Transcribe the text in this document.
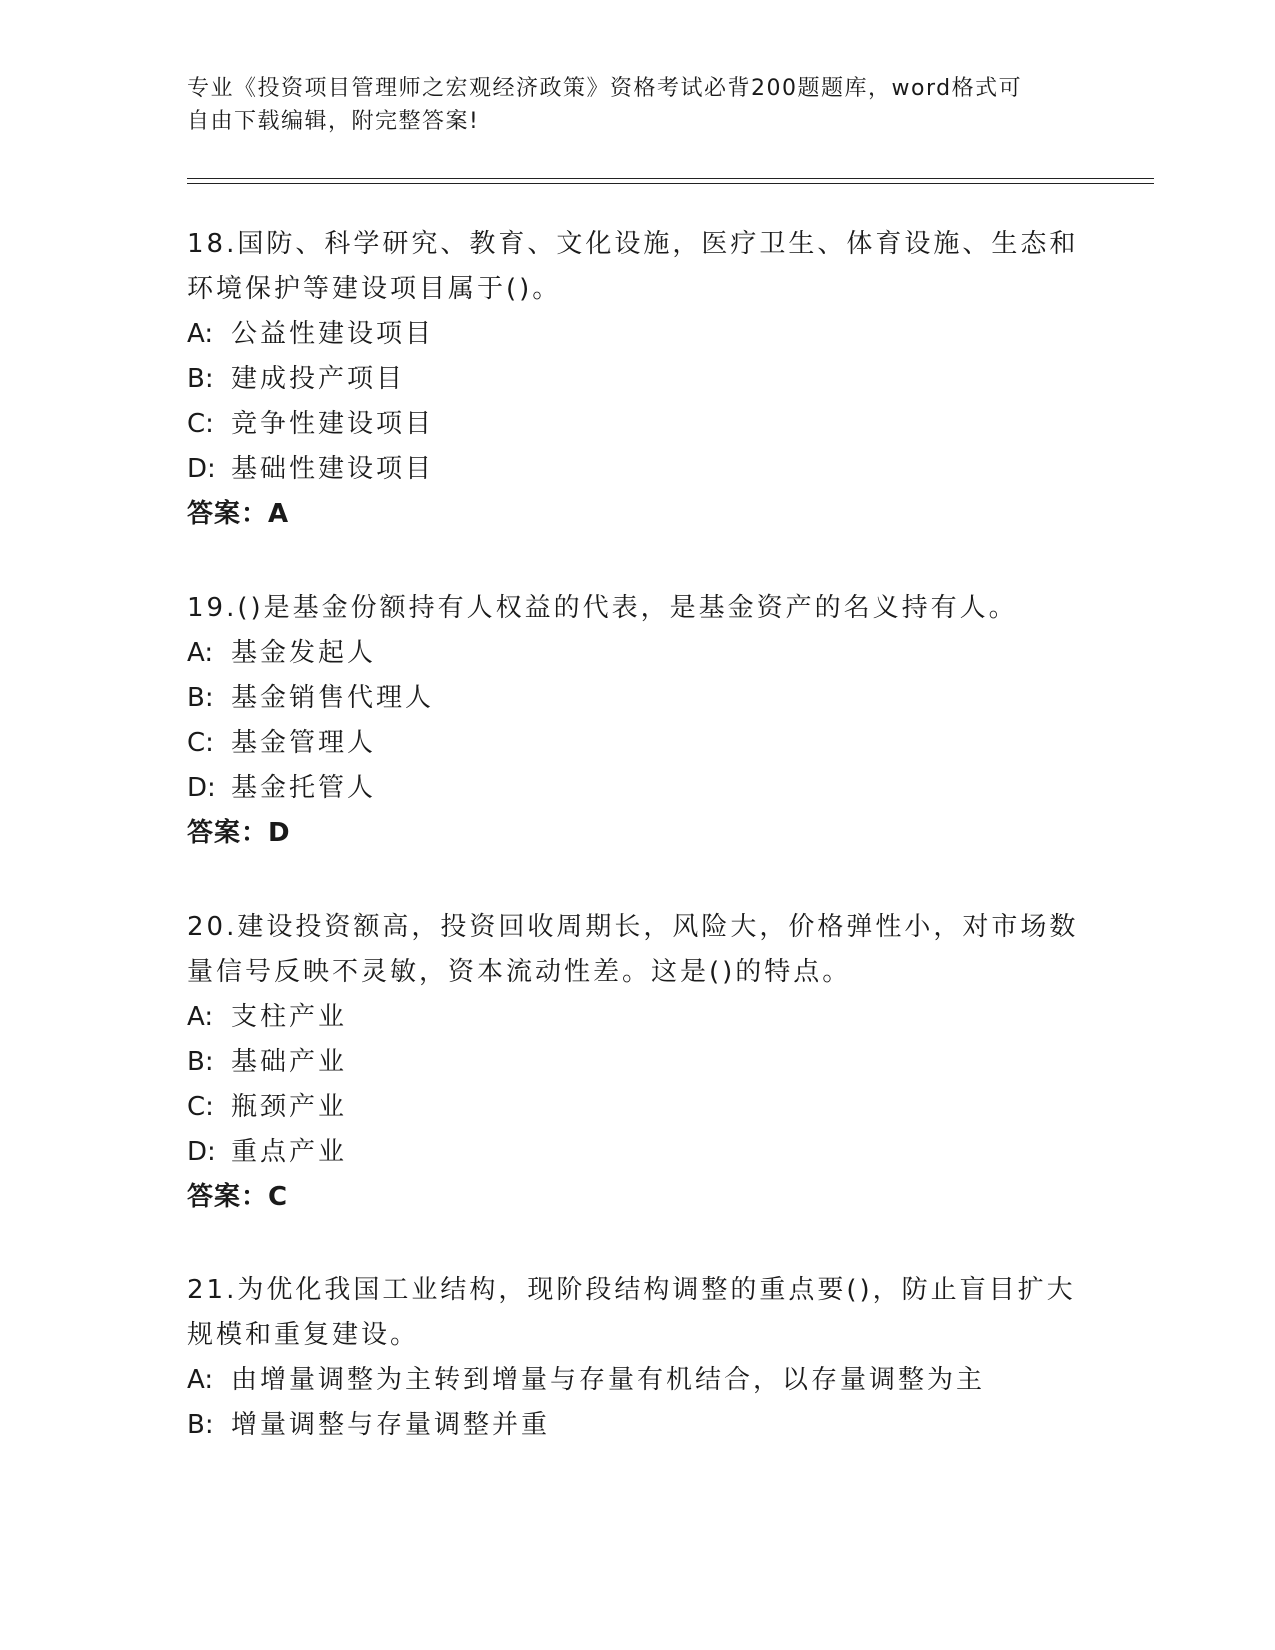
专业《投资项目管理师之宏观经济政策》资格考试必背200题题库，word格式可
自由下载编辑，附完整答案!

18.国防、科学研究、教育、文化设施，医疗卫生、体育设施、生态和环境保护等建设项目属于()。

A: 公益性建设项目

B: 建成投产项目

C: 竞争性建设项目

D: 基础性建设项目

答案：A

19.()是基金份额持有人权益的代表，是基金资产的名义持有人。

A: 基金发起人

B: 基金销售代理人

C: 基金管理人

D: 基金托管人

答案：D

20.建设投资额高，投资回收周期长，风险大，价格弹性小，对市场数量信号反映不灵敏，资本流动性差。这是()的特点。

A: 支柱产业

B: 基础产业

C: 瓶颈产业

D: 重点产业

答案：C

21.为优化我国工业结构，现阶段结构调整的重点要()，防止盲目扩大规模和重复建设。

A: 由增量调整为主转到增量与存量有机结合，以存量调整为主

B: 增量调整与存量调整并重
